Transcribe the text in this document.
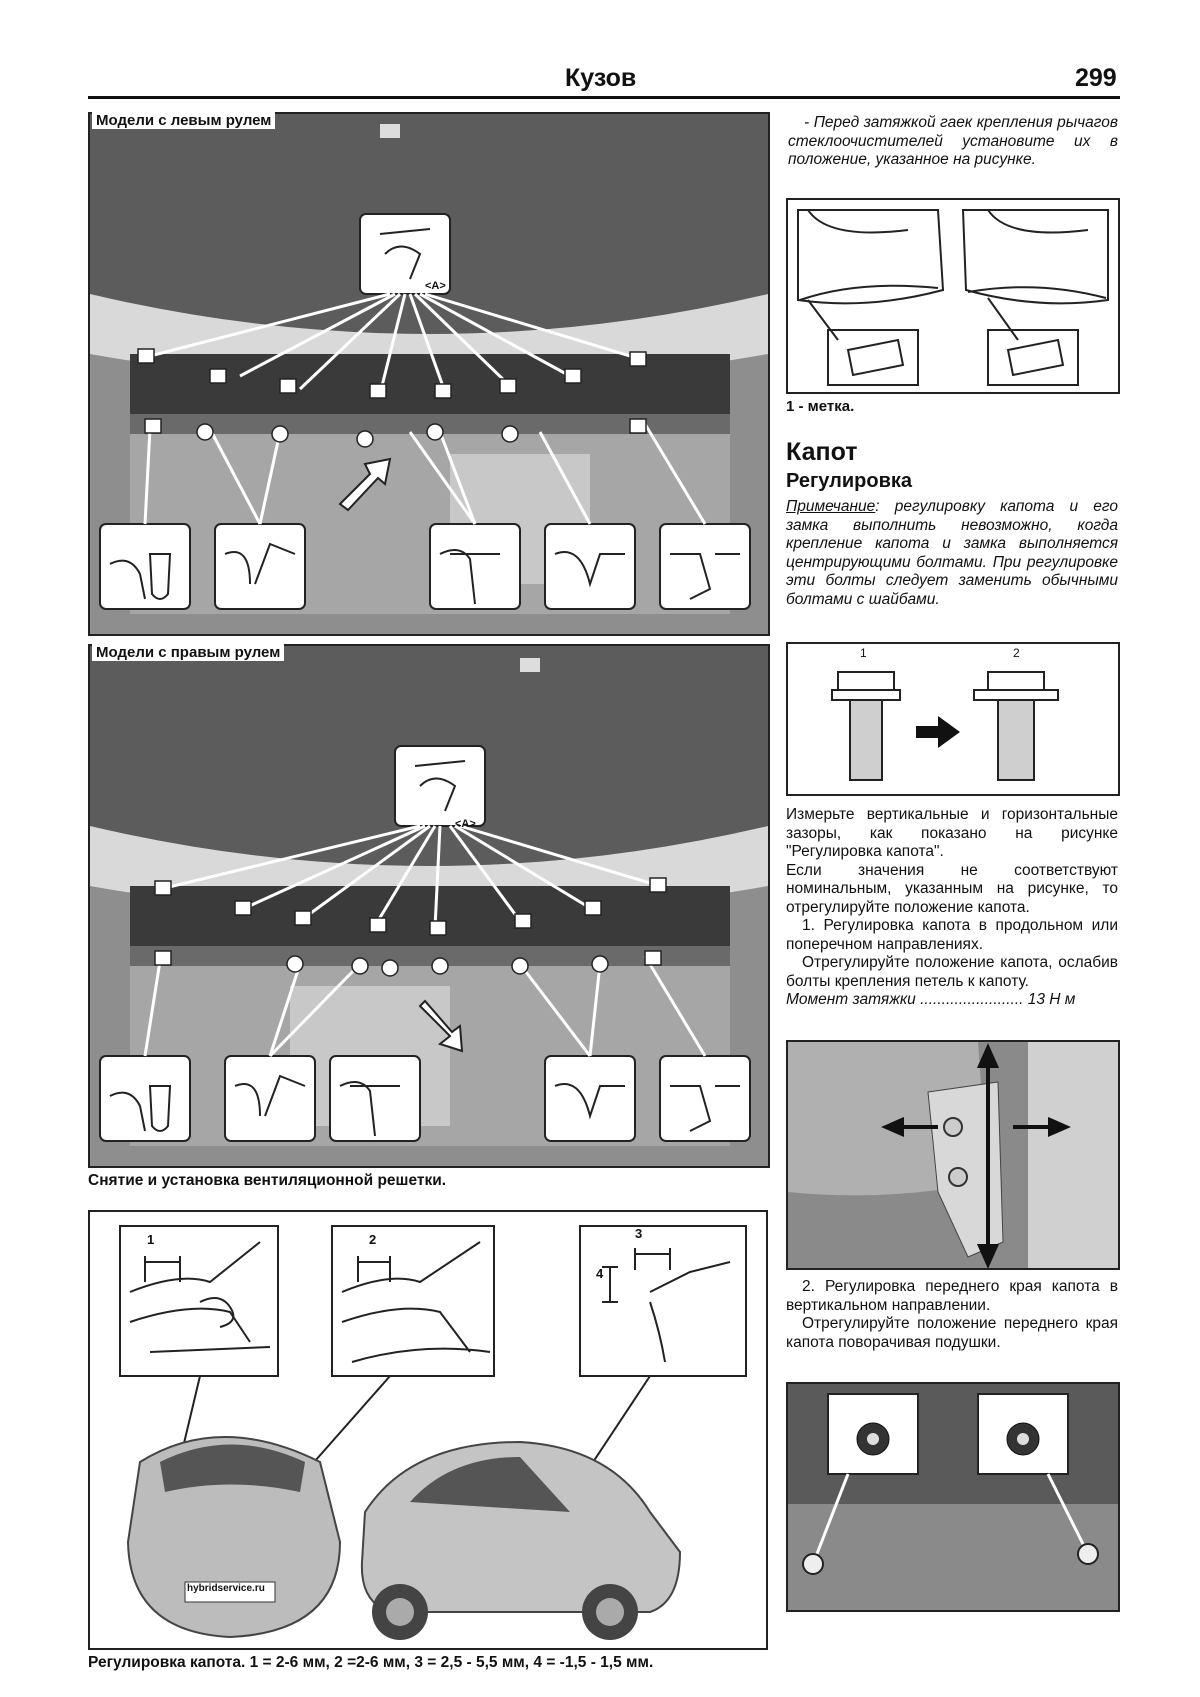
Кузов	299
Модели с левым рулем
<A>
Модели с правым рулем
<A>
Снятие и установка вентиляционной решетки.
1	2	3
4
hybridservice.ru
Регулировка капота. 1 = 2-6 мм, 2 =2-6 мм, 3 = 2,5 - 5,5 мм, 4 = -1,5 - 1,5 мм.

- Перед затяжкой гаек крепления рычагов стеклоочистителей установите их в положение, указанное на рисунке.

1 - метка.
Капот
Регулировка

Примечание: регулировку капота и его замка выполнить невозможно, когда крепление капота и замка выполняется центрирующими болтами. При регулировке эти болты следует заменить обычными болтами с шайбами.

1	2

Измерьте вертикальные и горизонтальные зазоры, как показано на рисунке "Регулировка капота".

Если значения не соответствуют номинальным, указанным на рисунке, то отрегулируйте положение капота.

1. Регулировка капота в продольном или поперечном направлениях.

Отрегулируйте положение капота, ослабив болты крепления петель к капоту.

Момент затяжки ........................ 13 Н м

2. Регулировка переднего края капота в вертикальном направлении.

Отрегулируйте положение переднего края капота поворачивая подушки.
